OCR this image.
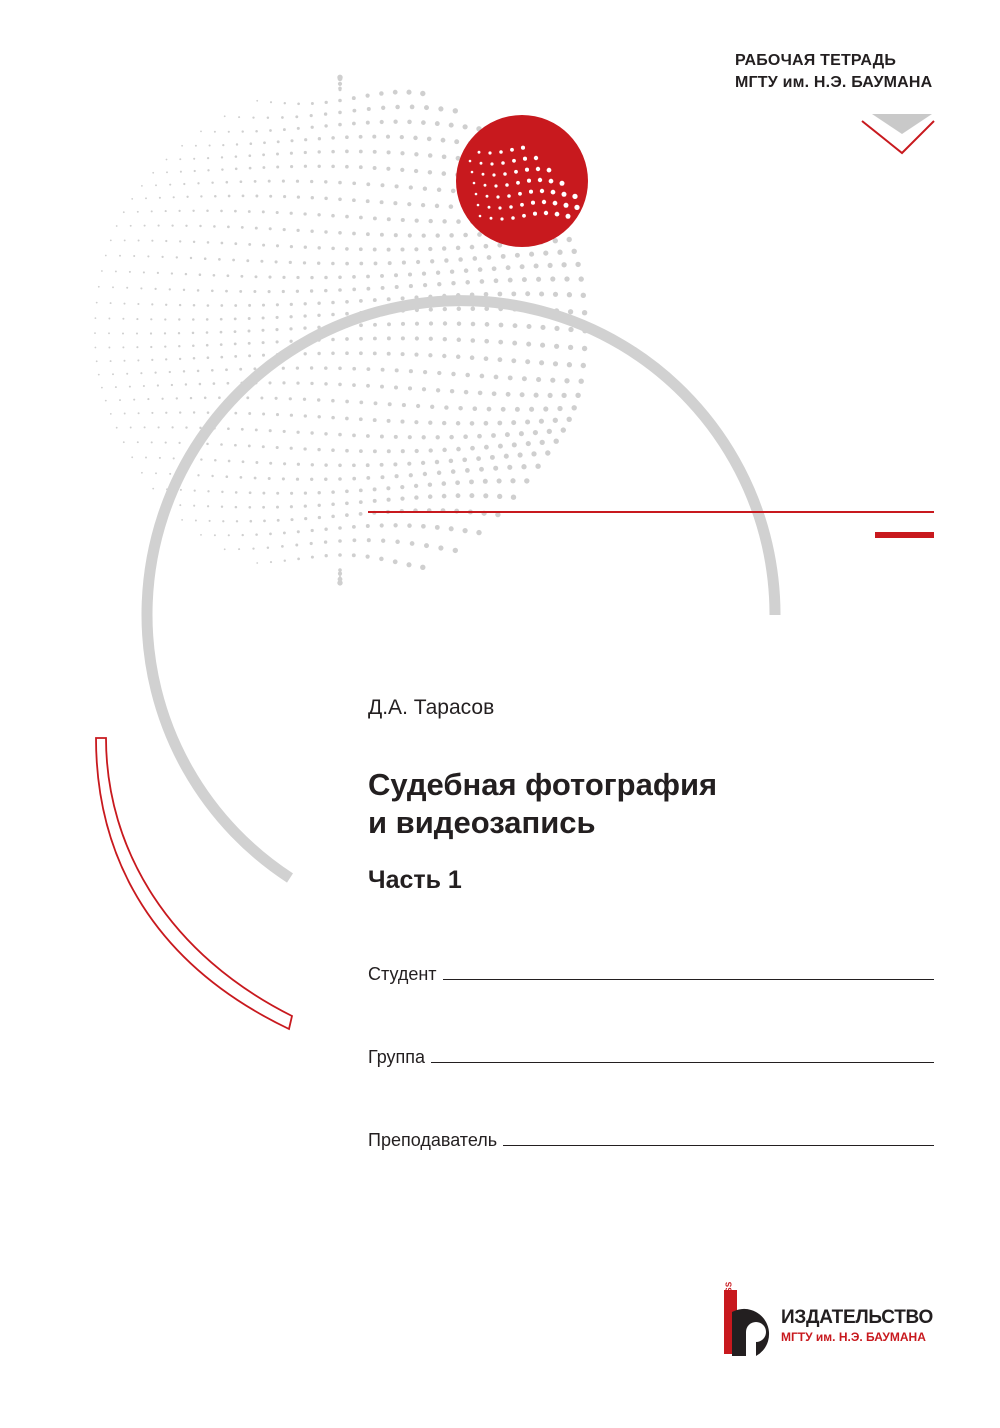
РАБОЧАЯ ТЕТРАДЬ
МГТУ им. Н.Э. БАУМАНА
Д.А. Тарасов
Судебная фотография
и видеозапись
Часть 1
Студент
Группа
Преподаватель
BAUMANPRESS	ИЗДАТЕЛЬСТВО
МГТУ им. Н.Э. БАУМАНА
